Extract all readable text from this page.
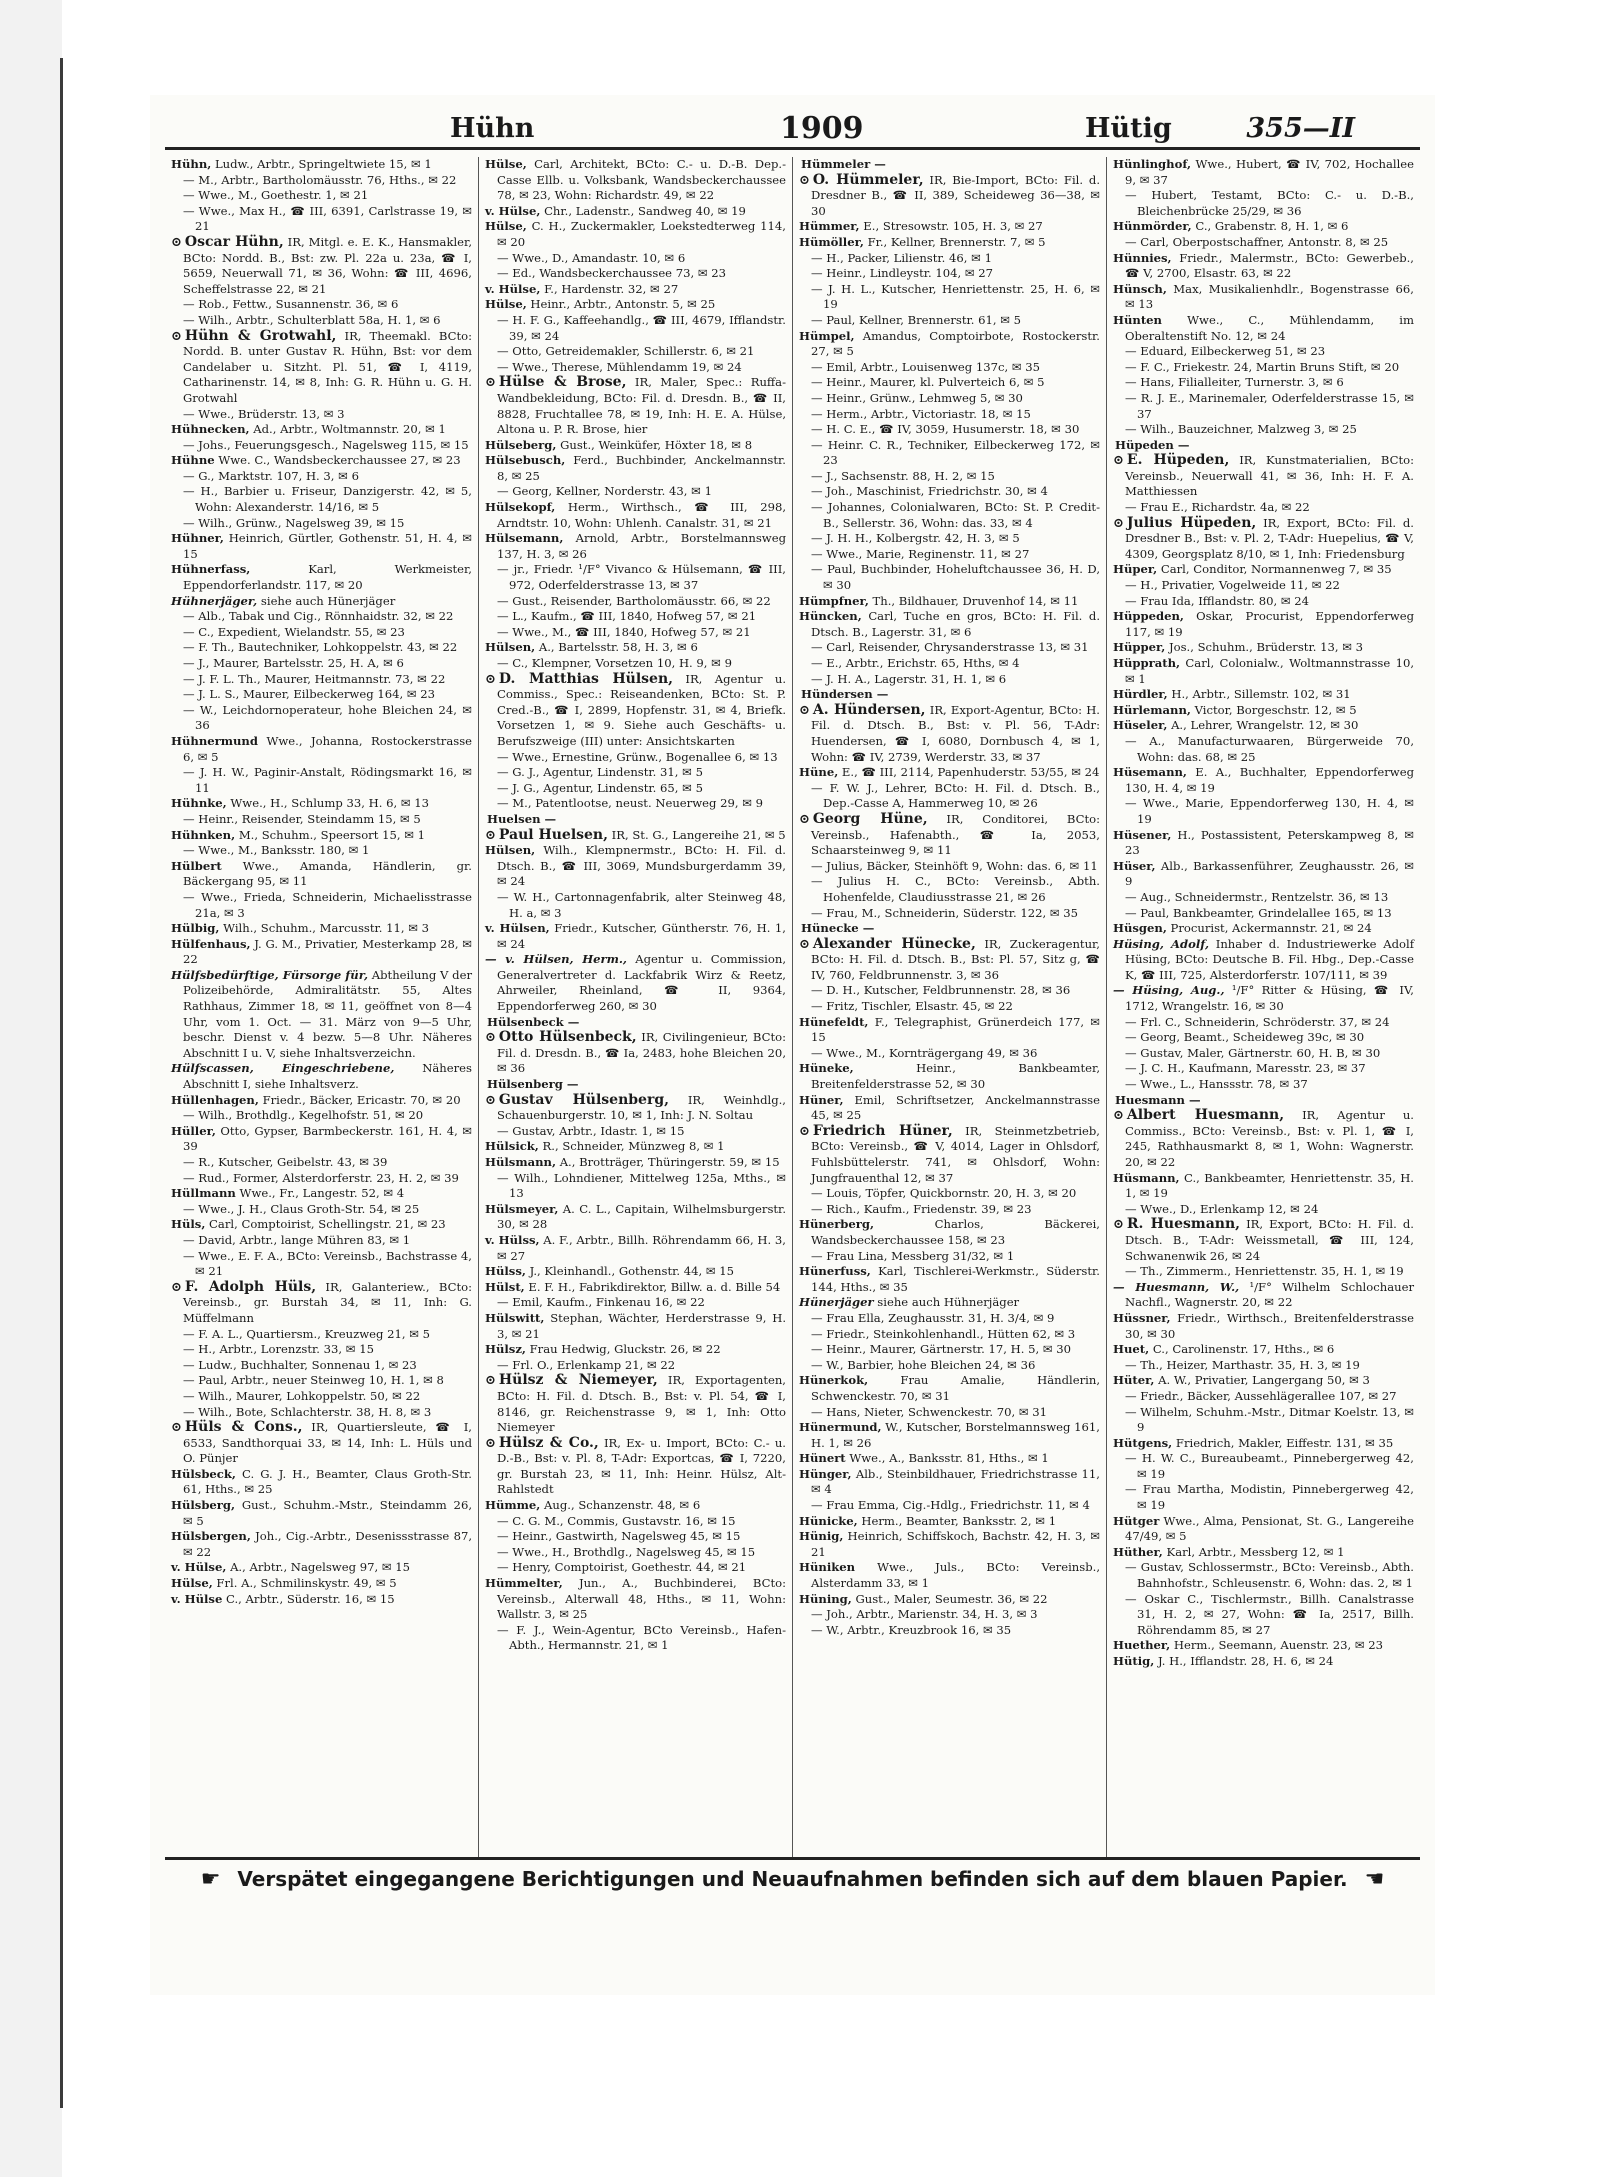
Hühn	1909	Hütig	355—II
Hühn, Ludw., Arbtr., Springeltwiete 15, ✉ 1
— M., Arbtr., Bartholomäusstr. 76, Hths., ✉ 22
— Wwe., M., Goethestr. 1, ✉ 21
— Wwe., Max H., ☎ III, 6391, Carlstrasse 19, ✉ 21
⊙ Oscar Hühn, IR, Mitgl. e. E. K., Hansmakler, BCto: Nordd. B., Bst: zw. Pl. 22a u. 23a, ☎ I, 5659, Neuerwall 71, ✉ 36, Wohn: ☎ III, 4696, Scheffelstrasse 22, ✉ 21
— Rob., Fettw., Susannenstr. 36, ✉ 6
— Wilh., Arbtr., Schulterblatt 58a, H. 1, ✉ 6
⊙ Hühn & Grotwahl, IR, Theemakl. BCto: Nordd. B. unter Gustav R. Hühn, Bst: vor dem Candelaber u. Sitzht. Pl. 51, ☎ I, 4119, Catharinenstr. 14, ✉ 8, Inh: G. R. Hühn u. G. H. Grotwahl
— Wwe., Brüderstr. 13, ✉ 3
Hühnecken, Ad., Arbtr., Woltmannstr. 20, ✉ 1
— Johs., Feuerungsgesch., Nagelsweg 115, ✉ 15
Hühne Wwe. C., Wandsbeckerchaussee 27, ✉ 23
— G., Marktstr. 107, H. 3, ✉ 6
— H., Barbier u. Friseur, Danzigerstr. 42, ✉ 5, Wohn: Alexanderstr. 14/16, ✉ 5
— Wilh., Grünw., Nagelsweg 39, ✉ 15
Hühner, Heinrich, Gürtler, Gothenstr. 51, H. 4, ✉ 15
Hühnerfass,	Karl, Werkmeister, Eppendorferlandstr. 117, ✉ 20
Hühnerjäger, siehe auch Hünerjäger
— Alb., Tabak und Cig., Rönnhaidstr. 32, ✉ 22
— C., Expedient, Wielandstr. 55, ✉ 23
— F. Th., Bautechniker, Lohkoppelstr. 43, ✉ 22
— J., Maurer, Bartelsstr. 25, H. A, ✉ 6
— J. F. L. Th., Maurer, Heitmannstr. 73, ✉ 22
— J. L. S., Maurer, Eilbeckerweg 164, ✉ 23
— W., Leichdornoperateur, hohe Bleichen 24, ✉ 36
Hühnermund Wwe., Johanna, Rostockerstrasse 6, ✉ 5
— J. H. W., Paginir-Anstalt, Rödingsmarkt 16, ✉ 11
Hühnke, Wwe., H., Schlump 33, H. 6, ✉ 13
— Heinr., Reisender, Steindamm 15, ✉ 5
Hühnken, M., Schuhm., Speersort 15, ✉ 1
— Wwe., M., Banksstr. 180, ✉ 1
Hülbert Wwe., Amanda, Händlerin, gr. Bäckergang 95, ✉ 11
— Wwe., Frieda, Schneiderin, Michaelisstrasse 21a, ✉ 3
Hülbig, Wilh., Schuhm., Marcusstr. 11, ✉ 3
Hülfenhaus, J. G. M., Privatier, Mesterkamp 28, ✉ 22
Hülfsbedürftige, Fürsorge für, Abtheilung V der Polizeibehörde, Admiralitätstr. 55, Altes Rathhaus, Zimmer 18, ✉ 11, geöffnet von 8—4 Uhr, vom 1. Oct. — 31. März von 9—5 Uhr, beschr. Dienst v. 4 bezw. 5—8 Uhr. Näheres Abschnitt I u. V, siehe Inhaltsverzeichn.
Hülfscassen, Eingeschriebene, Näheres Abschnitt I, siehe Inhaltsverz.
Hüllenhagen, Friedr., Bäcker, Ericastr. 70, ✉ 20
— Wilh., Brothdlg., Kegelhofstr. 51, ✉ 20
Hüller, Otto, Gypser, Barmbeckerstr. 161, H. 4, ✉ 39
— R., Kutscher, Geibelstr. 43, ✉ 39
— Rud., Former, Alsterdorferstr. 23, H. 2, ✉ 39
Hüllmann Wwe., Fr., Langestr. 52, ✉ 4
— Wwe., J. H., Claus Groth-Str. 54, ✉ 25
Hüls, Carl, Comptoirist, Schellingstr. 21, ✉ 23
— David, Arbtr., lange Mühren 83, ✉ 1
— Wwe., E. F. A., BCto: Vereinsb., Bachstrasse 4, ✉ 21
⊙ F. Adolph Hüls, IR, Galanteriew., BCto: Vereinsb., gr. Burstah 34, ✉ 11, Inh: G. Müffelmann
— F. A. L., Quartiersm., Kreuzweg 21, ✉ 5
— H., Arbtr., Lorenzstr. 33, ✉ 15
— Ludw., Buchhalter, Sonnenau 1, ✉ 23
— Paul, Arbtr., neuer Steinweg 10, H. 1, ✉ 8
— Wilh., Maurer, Lohkoppelstr. 50, ✉ 22
— Wilh., Bote, Schlachterstr. 38, H. 8, ✉ 3
⊙ Hüls & Cons., IR, Quartiersleute, ☎ I, 6533, Sandthorquai 33, ✉ 14, Inh: L. Hüls und O. Pünjer
Hülsbeck, C. G. J. H., Beamter, Claus Groth-Str. 61, Hths., ✉ 25
Hülsberg, Gust., Schuhm.-Mstr., Steindamm 26, ✉ 5
Hülsbergen, Joh., Cig.-Arbtr., Desenissstrasse 87, ✉ 22
v. Hülse, A., Arbtr., Nagelsweg 97, ✉ 15
Hülse, Frl. A., Schmilinskystr. 49, ✉ 5
v. Hülse C., Arbtr., Süderstr. 16, ✉ 15
Hülse, Carl, Architekt, BCto: C.- u. D.-B. Dep.-Casse Ellb. u. Volksbank, Wandsbeckerchaussee 78, ✉ 23, Wohn: Richardstr. 49, ✉ 22
v. Hülse, Chr., Ladenstr., Sandweg 40, ✉ 19
Hülse, C. H., Zuckermakler, Loekstedterweg 114, ✉ 20
— Wwe., D., Amandastr. 10, ✉ 6
— Ed., Wandsbeckerchaussee 73, ✉ 23
v. Hülse, F., Hardenstr. 32, ✉ 27
Hülse, Heinr., Arbtr., Antonstr. 5, ✉ 25
— H. F. G., Kaffeehandlg., ☎ III, 4679, Ifflandstr. 39, ✉ 24
— Otto, Getreidemakler, Schillerstr. 6, ✉ 21
— Wwe., Therese, Mühlendamm 19, ✉ 24
⊙ Hülse & Brose, IR, Maler, Spec.: Ruffa-Wandbekleidung, BCto: Fil. d. Dresdn. B., ☎ II, 8828, Fruchtallee 78, ✉ 19, Inh: H. E. A. Hülse, Altona u. P. R. Brose, hier
Hülseberg, Gust., Weinküfer, Höxter 18, ✉ 8
Hülsebusch, Ferd., Buchbinder, Anckelmannstr. 8, ✉ 25
— Georg, Kellner, Norderstr. 43, ✉ 1
Hülsekopf, Herm., Wirthsch., ☎ III, 298, Arndtstr. 10, Wohn: Uhlenh. Canalstr. 31, ✉ 21
Hülsemann, Arnold, Arbtr., Borstelmannsweg 137, H. 3, ✉ 26
— jr., Friedr. ¹/F° Vivanco & Hülsemann, ☎ III, 972, Oderfelderstrasse 13, ✉ 37
— Gust., Reisender, Bartholomäusstr. 66, ✉ 22
— L., Kaufm., ☎ III, 1840, Hofweg 57, ✉ 21
— Wwe., M., ☎ III, 1840, Hofweg 57, ✉ 21
Hülsen, A., Bartelsstr. 58, H. 3, ✉ 6
— C., Klempner, Vorsetzen 10, H. 9, ✉ 9
⊙ D. Matthias Hülsen, IR, Agentur u. Commiss., Spec.: Reiseandenken, BCto: St. P. Cred.-B., ☎ I, 2899, Hopfenstr. 31, ✉ 4, Briefk. Vorsetzen 1, ✉ 9. Siehe auch Geschäfts- u. Berufszweige (III) unter: Ansichtskarten
— Wwe., Ernestine, Grünw., Bogenallee 6, ✉ 13
— G. J., Agentur, Lindenstr. 31, ✉ 5
— J. G., Agentur, Lindenstr. 65, ✉ 5
— M., Patentlootse, neust. Neuerweg 29, ✉ 9
Huelsen —
⊙ Paul Huelsen, IR, St. G., Langereihe 21, ✉ 5
Hülsen, Wilh., Klempnermstr., BCto: H. Fil. d. Dtsch. B., ☎ III, 3069, Mundsburgerdamm 39, ✉ 24
— W. H., Cartonnagenfabrik, alter Steinweg 48, H. a, ✉ 3
v. Hülsen, Friedr., Kutscher, Güntherstr. 76, H. 1, ✉ 24
— v. Hülsen, Herm., Agentur u. Commission, Generalvertreter d. Lackfabrik Wirz & Reetz, Ahrweiler, Rheinland, ☎ II, 9364, Eppendorferweg 260, ✉ 30
Hülsenbeck —
⊙ Otto Hülsenbeck, IR, Civilingenieur, BCto: Fil. d. Dresdn. B., ☎ Ia, 2483, hohe Bleichen 20, ✉ 36
Hülsenberg —
⊙ Gustav Hülsenberg, IR, Weinhdlg., Schauenburgerstr. 10, ✉ 1, Inh: J. N. Soltau
— Gustav, Arbtr., Idastr. 1, ✉ 15
Hülsick, R., Schneider, Münzweg 8, ✉ 1
Hülsmann, A., Brotträger, Thüringerstr. 59, ✉ 15
— Wilh., Lohndiener, Mittelweg 125a, Mths., ✉ 13
Hülsmeyer, A. C. L., Capitain, Wilhelmsburgerstr. 30, ✉ 28
v. Hülss, A. F., Arbtr., Billh. Röhrendamm 66, H. 3, ✉ 27
Hülss, J., Kleinhandl., Gothenstr. 44, ✉ 15
Hülst, E. F. H., Fabrikdirektor, Billw. a. d. Bille 54
— Emil, Kaufm., Finkenau 16, ✉ 22
Hülswitt, Stephan, Wächter, Herderstrasse 9, H. 3, ✉ 21
Hülsz, Frau Hedwig, Gluckstr. 26, ✉ 22
— Frl. O., Erlenkamp 21, ✉ 22
⊙ Hülsz & Niemeyer, IR, Exportagenten, BCto: H. Fil. d. Dtsch. B., Bst: v. Pl. 54, ☎ I, 8146, gr. Reichenstrasse 9, ✉ 1, Inh: Otto Niemeyer
⊙ Hülsz & Co., IR, Ex- u. Import, BCto: C.- u. D.-B., Bst: v. Pl. 8, T-Adr: Exportcas, ☎ I, 7220, gr. Burstah 23, ✉ 11, Inh: Heinr. Hülsz, Alt-Rahlstedt
Hümme, Aug., Schanzenstr. 48, ✉ 6
— C. G. M., Commis, Gustavstr. 16, ✉ 15
— Heinr., Gastwirth, Nagelsweg 45, ✉ 15
— Wwe., H., Brothdlg., Nagelsweg 45, ✉ 15
— Henry, Comptoirist, Goethestr. 44, ✉ 21
Hümmelter, Jun., A., Buchbinderei, BCto: Vereinsb., Alterwall 48, Hths., ✉ 11, Wohn: Wallstr. 3, ✉ 25
— F. J., Wein-Agentur, BCto Vereinsb., Hafen-Abth., Hermannstr. 21, ✉ 1
Hümmeler —
⊙ O. Hümmeler, IR, Bie-Import, BCto: Fil. d. Dresdner B., ☎ II, 389, Scheideweg 36—38, ✉ 30
Hümmer, E., Stresowstr. 105, H. 3, ✉ 27
Hümöller, Fr., Kellner, Brennerstr. 7, ✉ 5
— H., Packer, Lilienstr. 46, ✉ 1
— Heinr., Lindleystr. 104, ✉ 27
— J. H. L., Kutscher, Henriettenstr. 25, H. 6, ✉ 19
— Paul, Kellner, Brennerstr. 61, ✉ 5
Hümpel, Amandus, Comptoirbote, Rostockerstr. 27, ✉ 5
— Emil, Arbtr., Louisenweg 137c, ✉ 35
— Heinr., Maurer, kl. Pulverteich 6, ✉ 5
— Heinr., Grünw., Lehmweg 5, ✉ 30
— Herm., Arbtr., Victoriastr. 18, ✉ 15
— H. C. E., ☎ IV, 3059, Husumerstr. 18, ✉ 30
— Heinr. C. R., Techniker, Eilbeckerweg 172, ✉ 23
— J., Sachsenstr. 88, H. 2, ✉ 15
— Joh., Maschinist, Friedrichstr. 30, ✉ 4
— Johannes, Colonialwaren, BCto: St. P. Credit-B., Sellerstr. 36, Wohn: das. 33, ✉ 4
— J. H. H., Kolbergstr. 42, H. 3, ✉ 5
— Wwe., Marie, Reginenstr. 11, ✉ 27
— Paul, Buchbinder, Hoheluftchaussee 36, H. D, ✉ 30
Hümpfner, Th., Bildhauer, Druvenhof 14, ✉ 11
Hüncken, Carl, Tuche en gros, BCto: H. Fil. d. Dtsch. B., Lagerstr. 31, ✉ 6
— Carl, Reisender, Chrysanderstrasse 13, ✉ 31
— E., Arbtr., Erichstr. 65, Hths, ✉ 4
— J. H. A., Lagerstr. 31, H. 1, ✉ 6
Hündersen —
⊙ A. Hündersen, IR, Export-Agentur, BCto: H. Fil. d. Dtsch. B., Bst: v. Pl. 56, T-Adr: Huendersen, ☎ I, 6080, Dornbusch 4, ✉ 1, Wohn: ☎ IV, 2739, Werderstr. 33, ✉ 37
Hüne, E., ☎ III, 2114, Papenhuderstr. 53/55, ✉ 24
— F. W. J., Lehrer, BCto: H. Fil. d. Dtsch. B., Dep.-Casse A, Hammerweg 10, ✉ 26
⊙ Georg Hüne, IR, Conditorei, BCto: Vereinsb., Hafenabth., ☎ Ia, 2053, Schaarsteinweg 9, ✉ 11
— Julius, Bäcker, Steinhöft 9, Wohn: das. 6, ✉ 11
— Julius H. C., BCto: Vereinsb., Abth. Hohenfelde, Claudiusstrasse 21, ✉ 26
— Frau, M., Schneiderin, Süderstr. 122, ✉ 35
Hünecke —
⊙ Alexander Hünecke, IR, Zuckeragentur, BCto: H. Fil. d. Dtsch. B., Bst: Pl. 57, Sitz g, ☎ IV, 760, Feldbrunnenstr. 3, ✉ 36
— D. H., Kutscher, Feldbrunnenstr. 28, ✉ 36
— Fritz, Tischler, Elsastr. 45, ✉ 22
Hünefeldt, F., Telegraphist, Grünerdeich 177, ✉ 15
— Wwe., M., Kornträgergang 49, ✉ 36
Hüneke,	Heinr., Bankbeamter, Breitenfelderstrasse 52, ✉ 30
Hüner, Emil, Schriftsetzer, Anckelmannstrasse 45, ✉ 25
⊙ Friedrich Hüner, IR, Steinmetzbetrieb, BCto: Vereinsb., ☎ V, 4014, Lager in Ohlsdorf, Fuhlsbüttelerstr. 741, ✉ Ohlsdorf, Wohn: Jungfrauenthal 12, ✉ 37
— Louis, Töpfer, Quickbornstr. 20, H. 3, ✉ 20
— Rich., Kaufm., Friedenstr. 39, ✉ 23
Hünerberg,	Charlos, Bäckerei, Wandsbeckerchaussee 158, ✉ 23
— Frau Lina, Messberg 31/32, ✉ 1
Hünerfuss, Karl, Tischlerei-Werkmstr., Süderstr. 144, Hths., ✉ 35
Hünerjäger siehe auch Hühnerjäger
— Frau Ella, Zeughausstr. 31, H. 3/4, ✉ 9
— Friedr., Steinkohlenhandl., Hütten 62, ✉ 3
— Heinr., Maurer, Gärtnerstr. 17, H. 5, ✉ 30
— W., Barbier, hohe Bleichen 24, ✉ 36
Hünerkok,	Frau Amalie, Händlerin, Schwenckestr. 70, ✉ 31
— Hans, Nieter, Schwenckestr. 70, ✉ 31
Hünermund, W., Kutscher, Borstelmannsweg 161, H. 1, ✉ 26
Hünert Wwe., A., Banksstr. 81, Hths., ✉ 1
Hünger, Alb., Steinbildhauer, Friedrichstrasse 11, ✉ 4
— Frau Emma, Cig.-Hdlg., Friedrichstr. 11, ✉ 4
Hünicke, Herm., Beamter, Banksstr. 2, ✉ 1
Hünig, Heinrich, Schiffskoch, Bachstr. 42, H. 3, ✉ 21
Hüniken Wwe., Juls., BCto: Vereinsb., Alsterdamm 33, ✉ 1
Hüning, Gust., Maler, Seumestr. 36, ✉ 22
— Joh., Arbtr., Marienstr. 34, H. 3, ✉ 3
— W., Arbtr., Kreuzbrook 16, ✉ 35
Hünlinghof, Wwe., Hubert, ☎ IV, 702, Hochallee 9, ✉ 37
— Hubert, Testamt, BCto: C.- u. D.-B., Bleichenbrücke 25/29, ✉ 36
Hünmörder, C., Grabenstr. 8, H. 1, ✉ 6
— Carl, Oberpostschaffner, Antonstr. 8, ✉ 25
Hünnies, Friedr., Malermstr., BCto: Gewerbeb., ☎ V, 2700, Elsastr. 63, ✉ 22
Hünsch, Max, Musikalienhdlr., Bogenstrasse 66, ✉ 13
Hünten Wwe., C., Mühlendamm, im Oberaltenstift No. 12, ✉ 24
— Eduard, Eilbeckerweg 51, ✉ 23
— F. C., Friekestr. 24, Martin Bruns Stift, ✉ 20
— Hans, Filialleiter, Turnerstr. 3, ✉ 6
— R. J. E., Marinemaler, Oderfelderstrasse 15, ✉ 37
— Wilh., Bauzeichner, Malzweg 3, ✉ 25
Hüpeden —
⊙ E. Hüpeden, IR, Kunstmaterialien, BCto: Vereinsb., Neuerwall 41, ✉ 36, Inh: H. F. A. Matthiessen
— Frau E., Richardstr. 4a, ✉ 22
⊙ Julius Hüpeden, IR, Export, BCto: Fil. d. Dresdner B., Bst: v. Pl. 2, T-Adr: Huepelius, ☎ V, 4309, Georgsplatz 8/10, ✉ 1, Inh: Friedensburg
Hüper, Carl, Conditor, Normannenweg 7, ✉ 35
— H., Privatier, Vogelweide 11, ✉ 22
— Frau Ida, Ifflandstr. 80, ✉ 24
Hüppeden, Oskar, Procurist, Eppendorferweg 117, ✉ 19
Hüpper, Jos., Schuhm., Brüderstr. 13, ✉ 3
Hüpprath, Carl, Colonialw., Woltmannstrasse 10, ✉ 1
Hürdler, H., Arbtr., Sillemstr. 102, ✉ 31
Hürlemann, Victor, Borgeschstr. 12, ✉ 5
Hüseler, A., Lehrer, Wrangelstr. 12, ✉ 30
— A., Manufacturwaaren, Bürgerweide 70, Wohn: das. 68, ✉ 25
Hüsemann, E. A., Buchhalter, Eppendorferweg 130, H. 4, ✉ 19
— Wwe., Marie, Eppendorferweg 130, H. 4, ✉ 19
Hüsener, H., Postassistent, Peterskampweg 8, ✉ 23
Hüser, Alb., Barkassenführer, Zeughausstr. 26, ✉ 9
— Aug., Schneidermstr., Rentzelstr. 36, ✉ 13
— Paul, Bankbeamter, Grindelallee 165, ✉ 13
Hüsgen, Procurist, Ackermannstr. 21, ✉ 24
Hüsing, Adolf, Inhaber d. Industriewerke Adolf Hüsing, BCto: Deutsche B. Fil. Hbg., Dep.-Casse K, ☎ III, 725, Alsterdorferstr. 107/111, ✉ 39
— Hüsing, Aug., ¹/F° Ritter & Hüsing, ☎ IV, 1712, Wrangelstr. 16, ✉ 30
— Frl. C., Schneiderin, Schröderstr. 37, ✉ 24
— Georg, Beamt., Scheideweg 39c, ✉ 30
— Gustav, Maler, Gärtnerstr. 60, H. B, ✉ 30
— J. C. H., Kaufmann, Maresstr. 23, ✉ 37
— Wwe., L., Hanssstr. 78, ✉ 37
Huesmann —
⊙ Albert Huesmann, IR, Agentur u. Commiss., BCto: Vereinsb., Bst: v. Pl. 1, ☎ I, 245, Rathhausmarkt 8, ✉ 1, Wohn: Wagnerstr. 20, ✉ 22
Hüsmann, C., Bankbeamter, Henriettenstr. 35, H. 1, ✉ 19
— Wwe., D., Erlenkamp 12, ✉ 24
⊙ R. Huesmann, IR, Export, BCto: H. Fil. d. Dtsch. B., T-Adr: Weissmetall, ☎ III, 124, Schwanenwik 26, ✉ 24
— Th., Zimmerm., Henriettenstr. 35, H. 1, ✉ 19
— Huesmann, W., ¹/F° Wilhelm Schlochauer Nachfl., Wagnerstr. 20, ✉ 22
Hüssner, Friedr., Wirthsch., Breitenfelderstrasse 30, ✉ 30
Huet, C., Carolinenstr. 17, Hths., ✉ 6
— Th., Heizer, Marthastr. 35, H. 3, ✉ 19
Hüter, A. W., Privatier, Langergang 50, ✉ 3
— Friedr., Bäcker, Aussehlägerallee 107, ✉ 27
— Wilhelm, Schuhm.-Mstr., Ditmar Koelstr. 13, ✉ 9
Hütgens, Friedrich, Makler, Eiffestr. 131, ✉ 35
— H. W. C., Bureaubeamt., Pinnebergerweg 42, ✉ 19
— Frau Martha, Modistin, Pinnebergerweg 42, ✉ 19
Hütger Wwe., Alma, Pensionat, St. G., Langereihe 47/49, ✉ 5
Hüther, Karl, Arbtr., Messberg 12, ✉ 1
— Gustav, Schlossermstr., BCto: Vereinsb., Abth. Bahnhofstr., Schleusenstr. 6, Wohn: das. 2, ✉ 1
— Oskar C., Tischlermstr., Billh. Canalstrasse 31, H. 2, ✉ 27, Wohn: ☎ Ia, 2517, Billh. Röhrendamm 85, ✉ 27
Huether, Herm., Seemann, Auenstr. 23, ✉ 23
Hütig, J. H., Ifflandstr. 28, H. 6, ✉ 24
☛ Verspätet eingegangene Berichtigungen und Neuaufnahmen befinden sich auf dem blauen Papier. ☚
